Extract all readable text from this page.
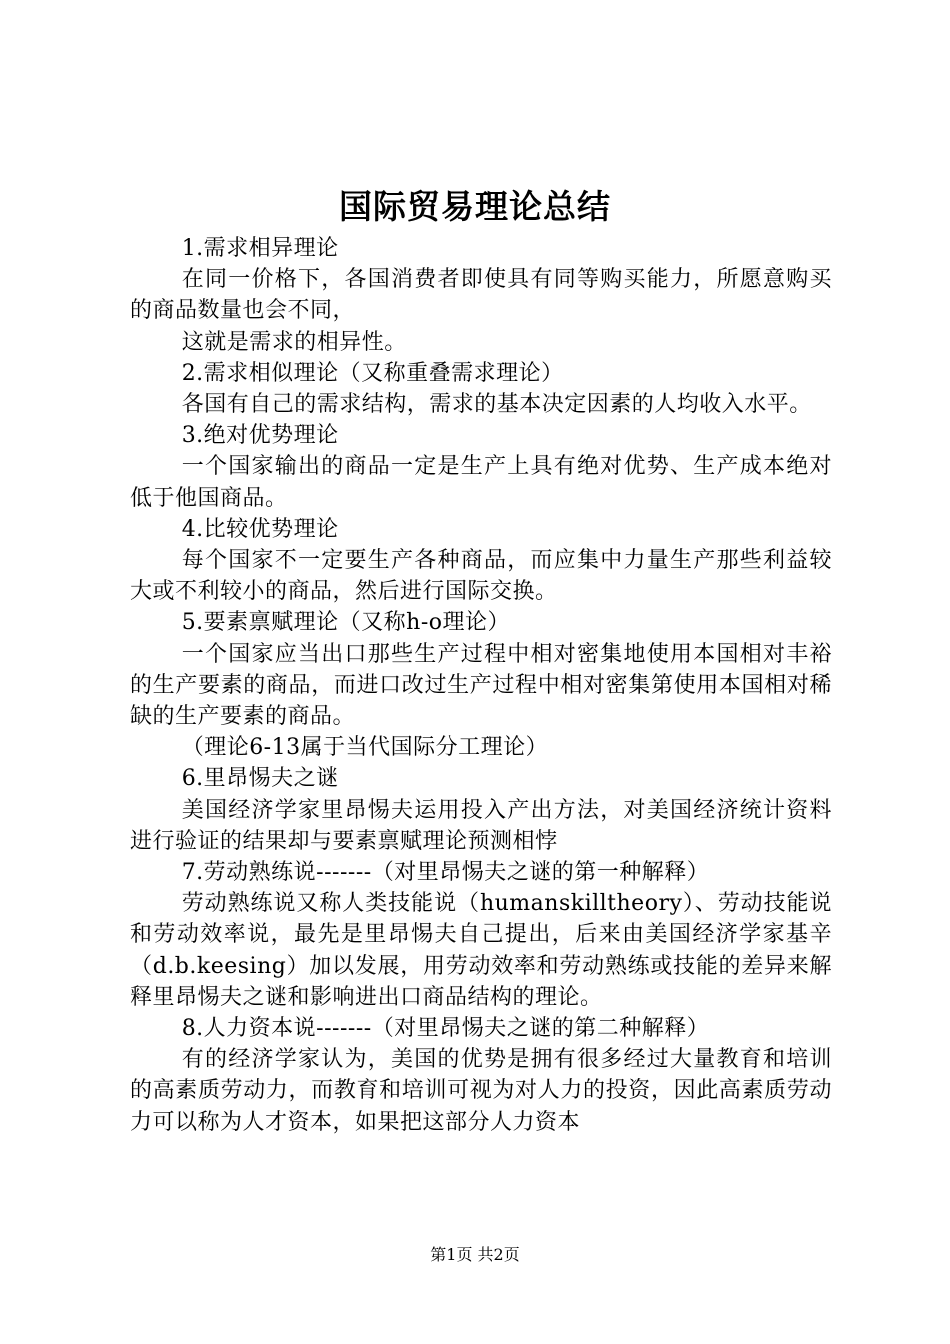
国际贸易理论总结

1.需求相异理论

在同一价格下，各国消费者即使具有同等购买能力，所愿意购买的商品数量也会不同，

这就是需求的相异性。

2.需求相似理论（又称重叠需求理论）

各国有自己的需求结构，需求的基本决定因素的人均收入水平。

3.绝对优势理论

一个国家输出的商品一定是生产上具有绝对优势、生产成本绝对低于他国商品。

4.比较优势理论

每个国家不一定要生产各种商品，而应集中力量生产那些利益较大或不利较小的商品，然后进行国际交换。

5.要素禀赋理论（又称h-o理论）

一个国家应当出口那些生产过程中相对密集地使用本国相对丰裕的生产要素的商品，而进口改过生产过程中相对密集第使用本国相对稀缺的生产要素的商品。

（理论6-13属于当代国际分工理论）

6.里昂惕夫之谜

美国经济学家里昂惕夫运用投入产出方法，对美国经济统计资料进行验证的结果却与要素禀赋理论预测相悖

7.劳动熟练说-------（对里昂惕夫之谜的第一种解释）

劳动熟练说又称人类技能说（humanskilltheory）、劳动技能说和劳动效率说，最先是里昂惕夫自己提出，后来由美国经济学家基辛（d.b.keesing）加以发展，用劳动效率和劳动熟练或技能的差异来解释里昂惕夫之谜和影响进出口商品结构的理论。

8.人力资本说-------（对里昂惕夫之谜的第二种解释）

有的经济学家认为，美国的优势是拥有很多经过大量教育和培训的高素质劳动力，而教育和培训可视为对人力的投资，因此高素质劳动力可以称为人才资本，如果把这部分人力资本

第1页 共2页
